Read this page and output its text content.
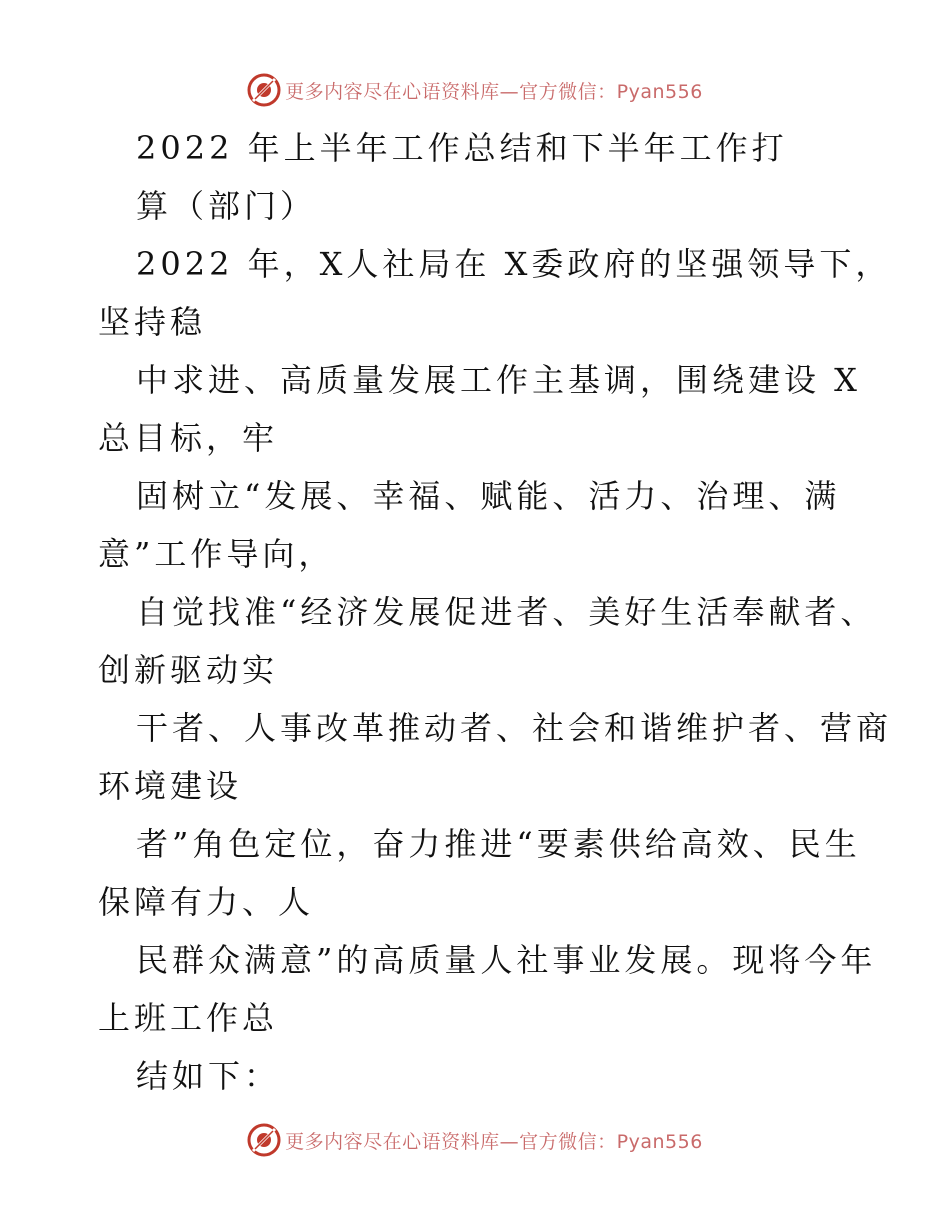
更多内容尽在心语资料库—官方微信：Pyan556
2022 年上半年工作总结和下半年工作打
算（部门）
2022 年，X人社局在 X委政府的坚强领导下，
坚持稳
中求进、高质量发展工作主基调，围绕建设 X
总目标，牢
固树立“发展、幸福、赋能、活力、治理、满
意”工作导向，
自觉找准“经济发展促进者、美好生活奉献者、
创新驱动实
干者、人事改革推动者、社会和谐维护者、营商
环境建设
者”角色定位，奋力推进“要素供给高效、民生
保障有力、人
民群众满意”的高质量人社事业发展。现将今年
上班工作总
结如下：
更多内容尽在心语资料库—官方微信：Pyan556
